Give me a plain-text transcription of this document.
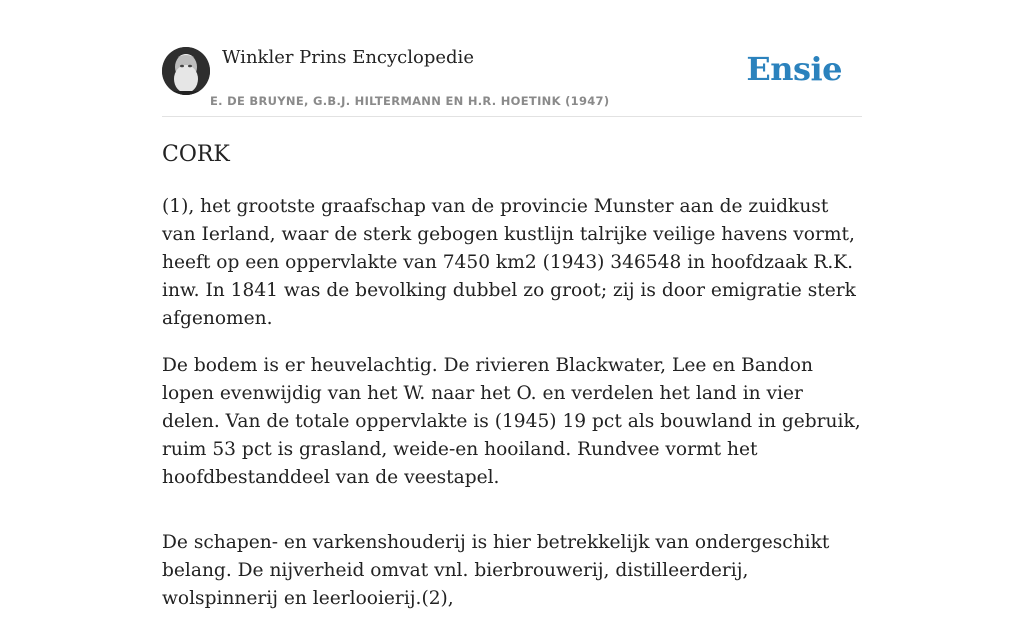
Winkler Prins Encyclopedie
E. DE BRUYNE, G.B.J. HILTERMANN EN H.R. HOETINK (1947)
Ensie
CORK

(1), het grootste graafschap van de provincie Munster aan de zuidkust van Ierland, waar de sterk gebogen kustlijn talrijke veilige havens vormt, heeft op een oppervlakte van 7450 km2 (1943) 346548 in hoofdzaak R.K. inw. In 1841 was de bevolking dubbel zo groot; zij is door emigratie sterk afgenomen.

De bodem is er heuvelachtig. De rivieren Blackwater, Lee en Bandon lopen evenwijdig van het W. naar het O. en verdelen het land in vier delen. Van de totale oppervlakte is (1945) 19 pct als bouwland in gebruik, ruim 53 pct is grasland, weide-en hooiland. Rundvee vormt het hoofdbestanddeel van de veestapel.

De schapen- en varkenshouderij is hier betrekkelijk van ondergeschikt belang. De nijverheid omvat vnl. bierbrouwerij, distilleerderij, wolspinnerij en leerlooierij.(2),
